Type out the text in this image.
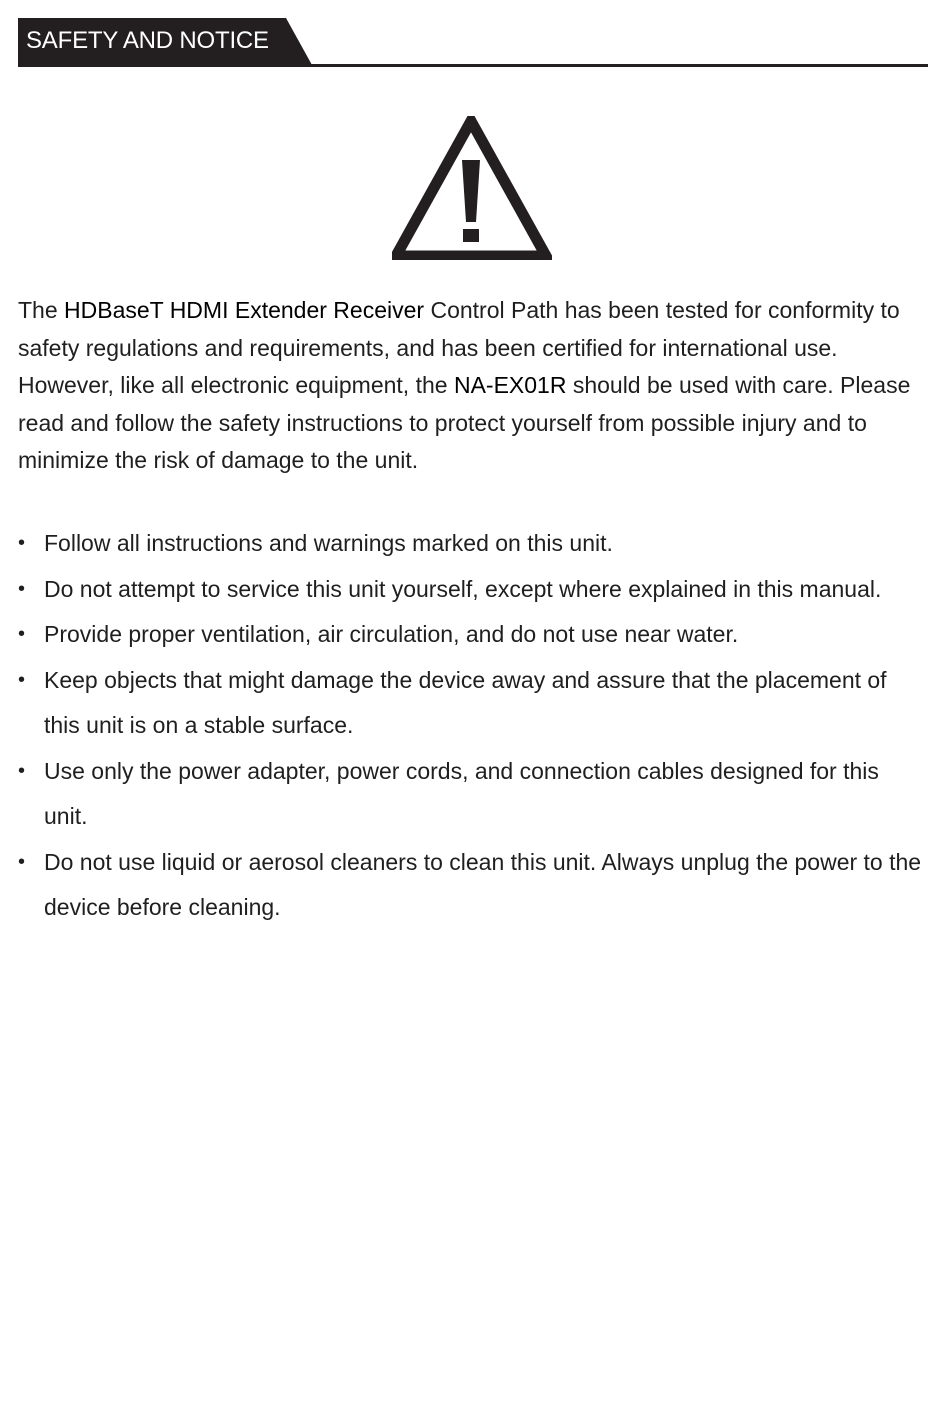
SAFETY AND NOTICE

The HDBaseT HDMI Extender Receiver Control Path has been tested for conformity to safety regulations and requirements, and has been certified for international use. However, like all electronic equipment, the NA-EX01R should be used with care. Please read and follow the safety instructions to protect yourself from possible injury and to minimize the risk of damage to the unit.

• Follow all instructions and warnings marked on this unit.
• Do not attempt to service this unit yourself, except where explained in this manual.
• Provide proper ventilation, air circulation, and do not use near water.
• Keep objects that might damage the device away and assure that the placement of this unit is on a stable surface.
• Use only the power adapter, power cords, and connection cables designed for this unit.
• Do not use liquid or aerosol cleaners to clean this unit. Always unplug the power to the device before cleaning.
